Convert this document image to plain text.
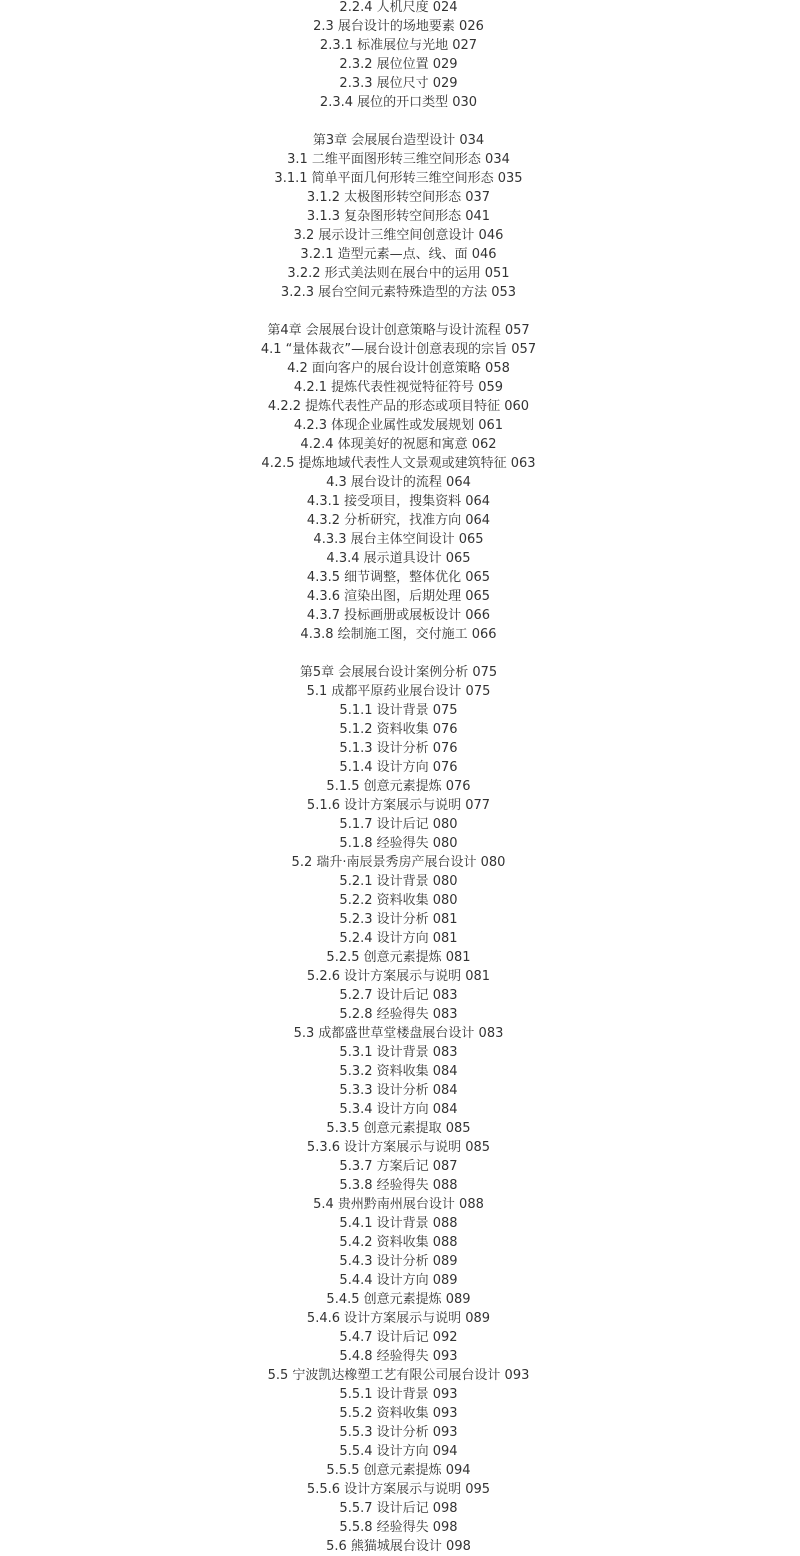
2.2.4 人机尺度 024
2.3 展台设计的场地要素 026
2.3.1 标准展位与光地 027
2.3.2 展位位置 029
2.3.3 展位尺寸 029
2.3.4 展位的开口类型 030
第3章 会展展台造型设计 034
3.1 二维平面图形转三维空间形态 034
3.1.1 简单平面几何形转三维空间形态 035
3.1.2 太极图形转空间形态 037
3.1.3 复杂图形转空间形态 041
3.2 展示设计三维空间创意设计 046
3.2.1 造型元素—点、线、面 046
3.2.2 形式美法则在展台中的运用 051
3.2.3 展台空间元素特殊造型的方法 053
第4章 会展展台设计创意策略与设计流程 057
4.1 “量体裁衣”—展台设计创意表现的宗旨 057
4.2 面向客户的展台设计创意策略 058
4.2.1 提炼代表性视觉特征符号 059
4.2.2 提炼代表性产品的形态或项目特征 060
4.2.3 体现企业属性或发展规划 061
4.2.4 体现美好的祝愿和寓意 062
4.2.5 提炼地域代表性人文景观或建筑特征 063
4.3 展台设计的流程 064
4.3.1 接受项目，搜集资料 064
4.3.2 分析研究，找准方向 064
4.3.3 展台主体空间设计 065
4.3.4 展示道具设计 065
4.3.5 细节调整，整体优化 065
4.3.6 渲染出图，后期处理 065
4.3.7 投标画册或展板设计 066
4.3.8 绘制施工图，交付施工 066
第5章 会展展台设计案例分析 075
5.1 成都平原药业展台设计 075
5.1.1 设计背景 075
5.1.2 资料收集 076
5.1.3 设计分析 076
5.1.4 设计方向 076
5.1.5 创意元素提炼 076
5.1.6 设计方案展示与说明 077
5.1.7 设计后记 080
5.1.8 经验得失 080
5.2 瑞升·南辰景秀房产展台设计 080
5.2.1 设计背景 080
5.2.2 资料收集 080
5.2.3 设计分析 081
5.2.4 设计方向 081
5.2.5 创意元素提炼 081
5.2.6 设计方案展示与说明 081
5.2.7 设计后记 083
5.2.8 经验得失 083
5.3 成都盛世草堂楼盘展台设计 083
5.3.1 设计背景 083
5.3.2 资料收集 084
5.3.3 设计分析 084
5.3.4 设计方向 084
5.3.5 创意元素提取 085
5.3.6 设计方案展示与说明 085
5.3.7 方案后记 087
5.3.8 经验得失 088
5.4 贵州黔南州展台设计 088
5.4.1 设计背景 088
5.4.2 资料收集 088
5.4.3 设计分析 089
5.4.4 设计方向 089
5.4.5 创意元素提炼 089
5.4.6 设计方案展示与说明 089
5.4.7 设计后记 092
5.4.8 经验得失 093
5.5 宁波凯达橡塑工艺有限公司展台设计 093
5.5.1 设计背景 093
5.5.2 资料收集 093
5.5.3 设计分析 093
5.5.4 设计方向 094
5.5.5 创意元素提炼 094
5.5.6 设计方案展示与说明 095
5.5.7 设计后记 098
5.5.8 经验得失 098
5.6 熊猫城展台设计 098
